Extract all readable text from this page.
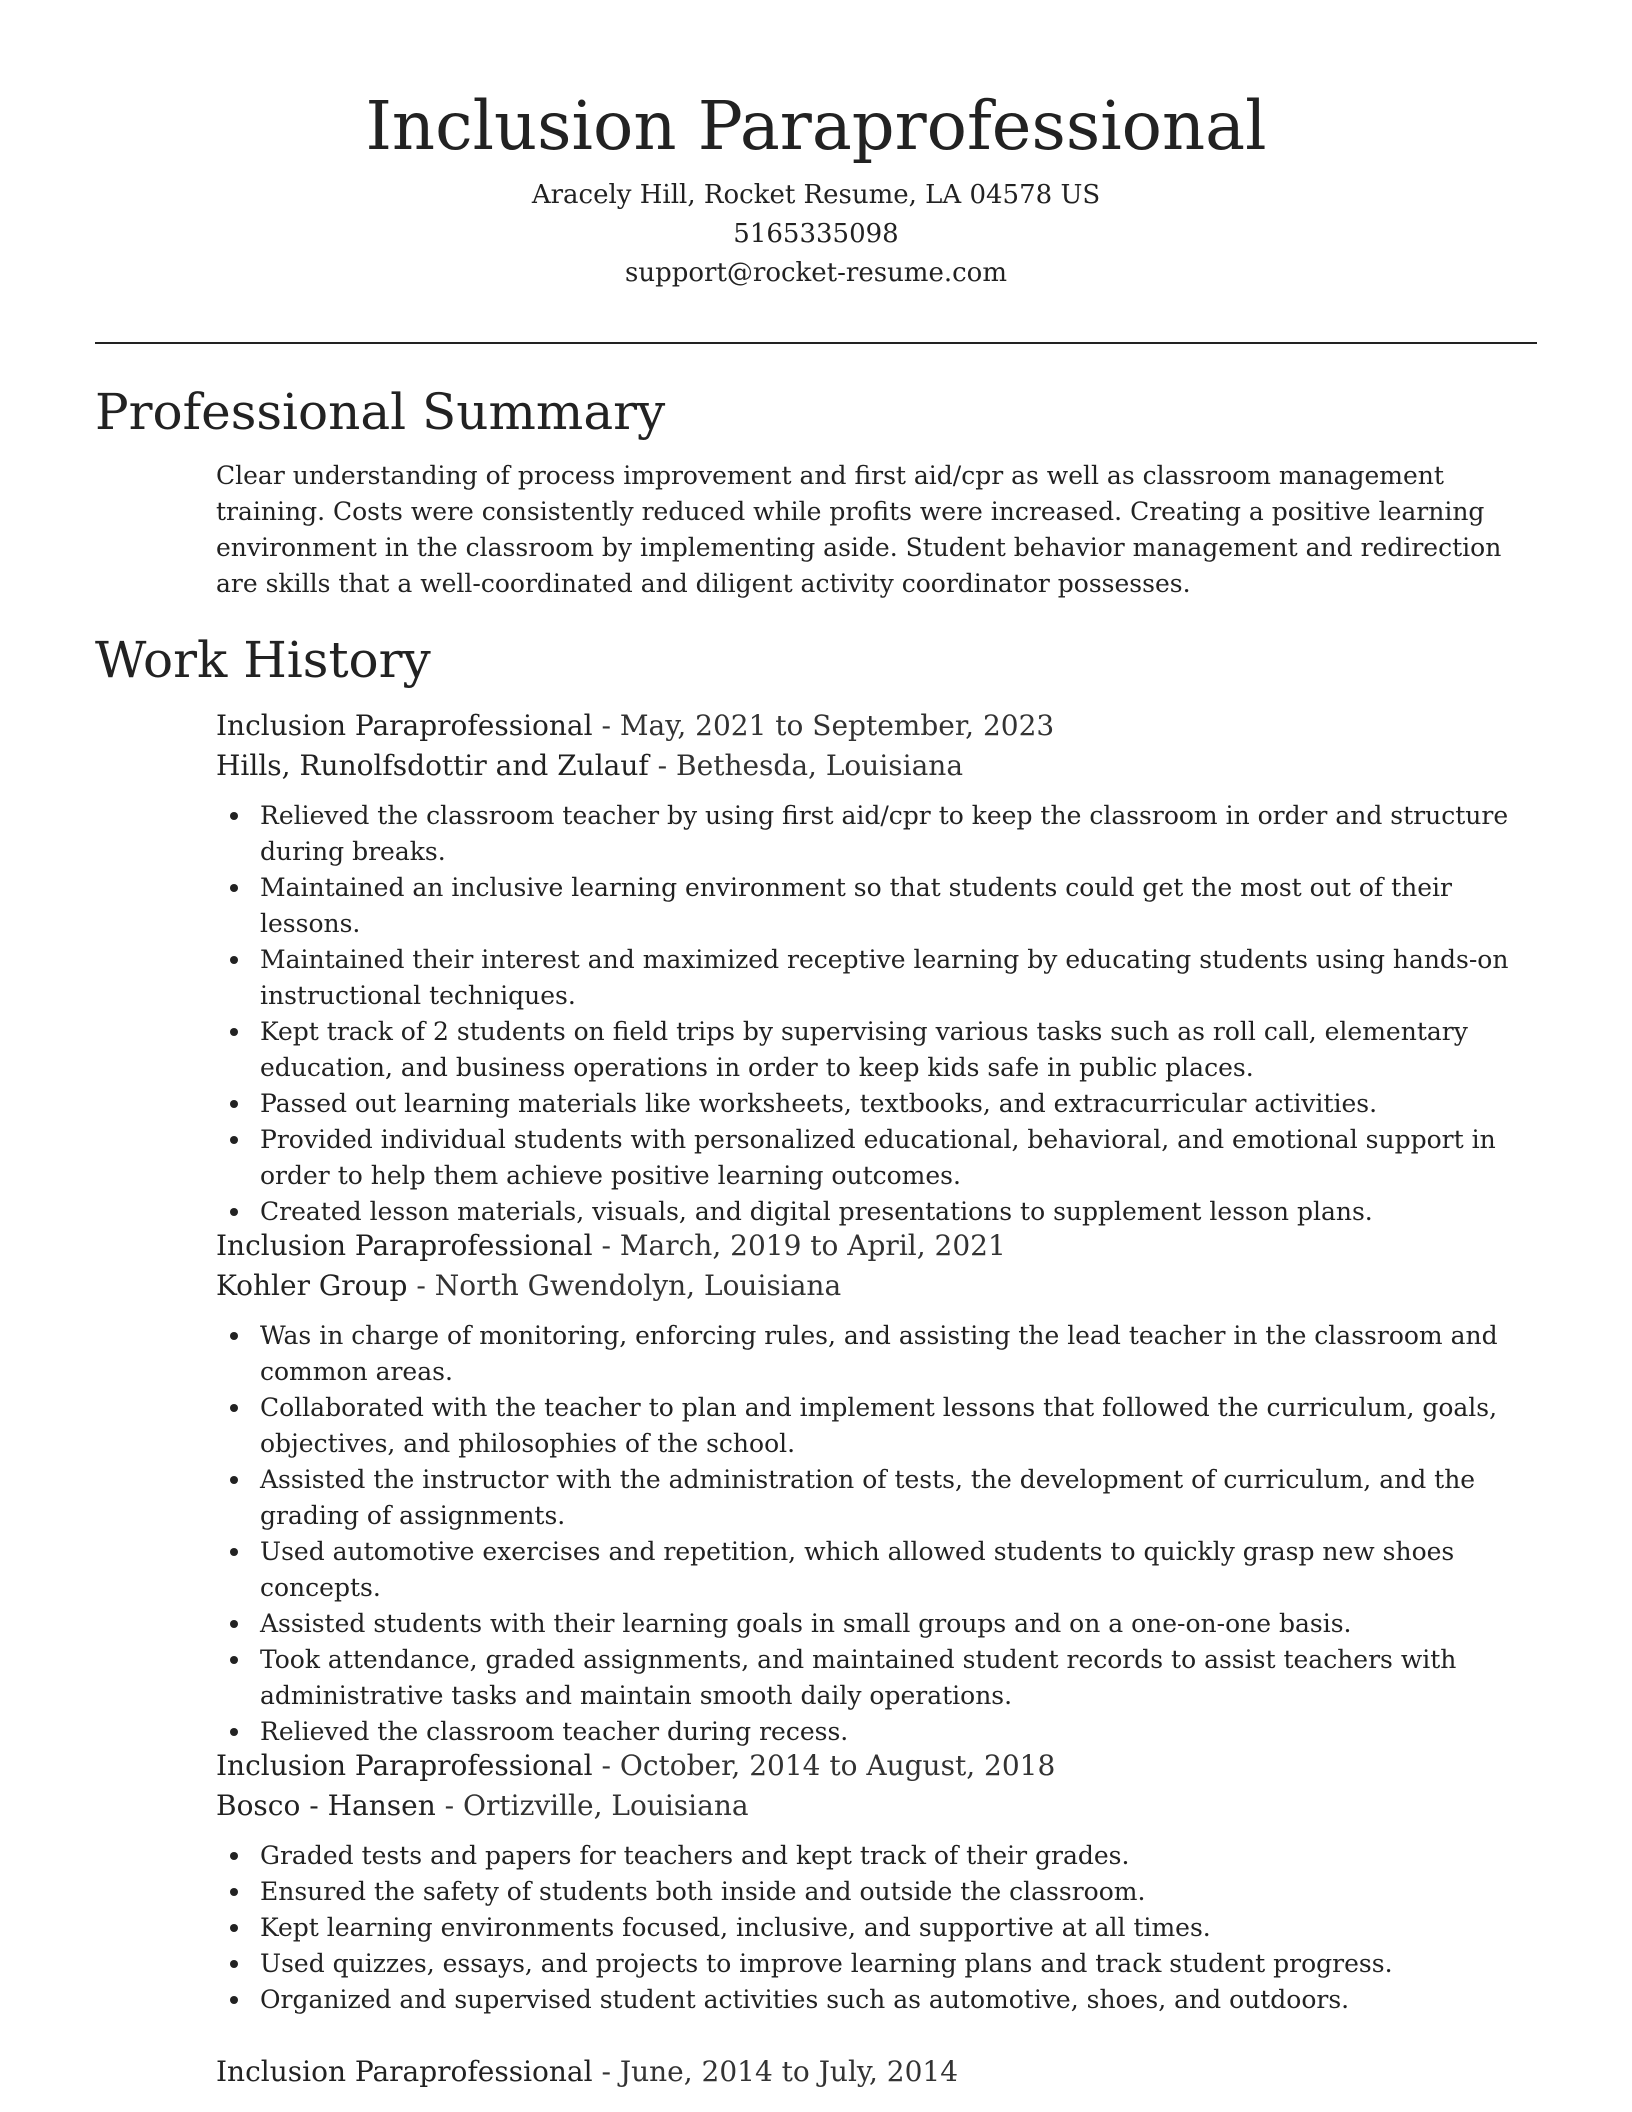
Inclusion Paraprofessional
Aracely Hill, Rocket Resume, LA 04578 US
5165335098
support@rocket-resume.com
Professional Summary
Clear understanding of process improvement and first aid/cpr as well as classroom management training. Costs were consistently reduced while profits were increased. Creating a positive learning environment in the classroom by implementing aside. Student behavior management and redirection are skills that a well-coordinated and diligent activity coordinator possesses.
Work History
Inclusion Paraprofessional - May, 2021 to September, 2023
Hills, Runolfsdottir and Zulauf - Bethesda, Louisiana
Relieved the classroom teacher by using first aid/cpr to keep the classroom in order and structure during breaks.
Maintained an inclusive learning environment so that students could get the most out of their lessons.
Maintained their interest and maximized receptive learning by educating students using hands-on instructional techniques.
Kept track of 2 students on field trips by supervising various tasks such as roll call, elementary education, and business operations in order to keep kids safe in public places.
Passed out learning materials like worksheets, textbooks, and extracurricular activities.
Provided individual students with personalized educational, behavioral, and emotional support in order to help them achieve positive learning outcomes.
Created lesson materials, visuals, and digital presentations to supplement lesson plans.
Inclusion Paraprofessional - March, 2019 to April, 2021
Kohler Group - North Gwendolyn, Louisiana
Was in charge of monitoring, enforcing rules, and assisting the lead teacher in the classroom and common areas.
Collaborated with the teacher to plan and implement lessons that followed the curriculum, goals, objectives, and philosophies of the school.
Assisted the instructor with the administration of tests, the development of curriculum, and the grading of assignments.
Used automotive exercises and repetition, which allowed students to quickly grasp new shoes concepts.
Assisted students with their learning goals in small groups and on a one-on-one basis.
Took attendance, graded assignments, and maintained student records to assist teachers with administrative tasks and maintain smooth daily operations.
Relieved the classroom teacher during recess.
Inclusion Paraprofessional - October, 2014 to August, 2018
Bosco - Hansen - Ortizville, Louisiana
Graded tests and papers for teachers and kept track of their grades.
Ensured the safety of students both inside and outside the classroom.
Kept learning environments focused, inclusive, and supportive at all times.
Used quizzes, essays, and projects to improve learning plans and track student progress.
Organized and supervised student activities such as automotive, shoes, and outdoors.
Inclusion Paraprofessional - June, 2014 to July, 2014
